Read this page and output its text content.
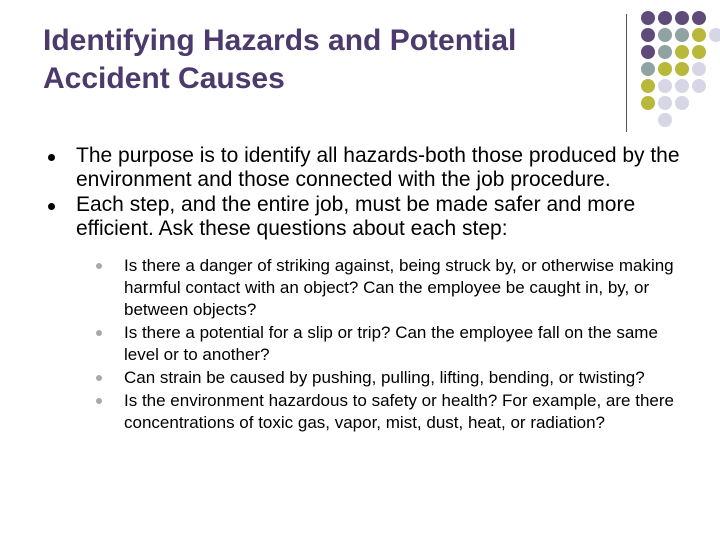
Identifying Hazards and Potential
Accident Causes
The purpose is to identify all hazards-both those produced by the environment and those connected with the job procedure.
Each step, and the entire job, must be made safer and more efficient. Ask these questions about each step:
Is there a danger of striking against, being struck by, or otherwise making harmful contact with an object? Can the employee be caught in, by, or between objects?
Is there a potential for a slip or trip? Can the employee fall on the same level or to another?
Can strain be caused by pushing, pulling, lifting, bending, or twisting?
Is the environment hazardous to safety or health? For example, are there concentrations of toxic gas, vapor, mist, dust, heat, or radiation?
